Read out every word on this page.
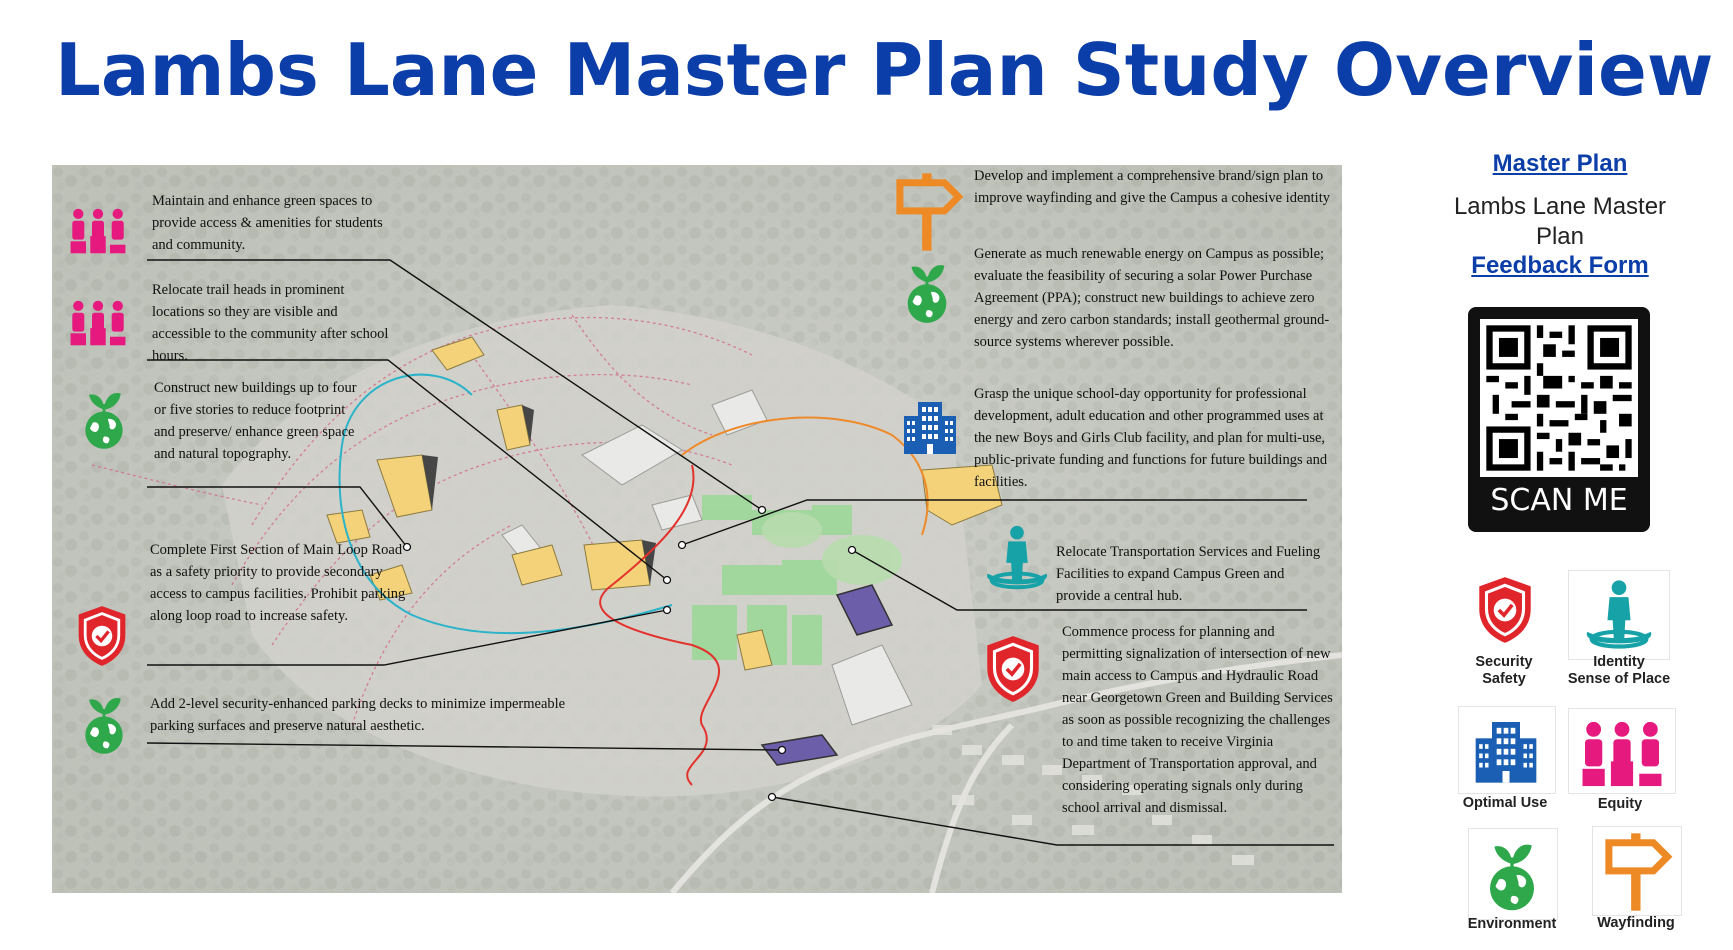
Lambs Lane Master Plan Study Overview
Maintain and enhance green spaces to provide access & amenities for students and community.
Relocate trail heads in prominent locations so they are visible and accessible to the community after school hours.
Construct new buildings up to four or five stories to reduce footprint and preserve/ enhance green space and natural topography.
Complete First Section of Main Loop Road as a safety priority to provide secondary access to campus facilities. Prohibit parking along loop road to increase safety.
Add 2-level security-enhanced parking decks to minimize impermeable parking surfaces and preserve natural aesthetic.
Develop and implement a comprehensive brand/sign plan to improve wayfinding and give the Campus a cohesive identity
Generate as much renewable energy on Campus as possible; evaluate the feasibility of securing a solar Power Purchase Agreement (PPA); construct new buildings to achieve zero energy and zero carbon standards; install geothermal ground-source systems wherever possible.
Grasp the unique school-day opportunity for professional development, adult education and other programmed uses at the new Boys and Girls Club facility, and plan for multi-use, public-private funding and functions for future buildings and facilities.
Relocate Transportation Services and Fueling Facilities to expand Campus Green and provide a central hub.
Commence process for planning and permitting signalization of intersection of new main access to Campus and Hydraulic Road near Georgetown Green and Building Services as soon as possible recognizing the challenges to and time taken to receive Virginia Department of Transportation approval, and considering operating signals only during school arrival and dismissal.
Master Plan
Lambs Lane Master Plan
Feedback Form
SCAN ME
Security
Safety
Identity
Sense of Place
Optimal Use	Equity
Environment	Wayfinding
